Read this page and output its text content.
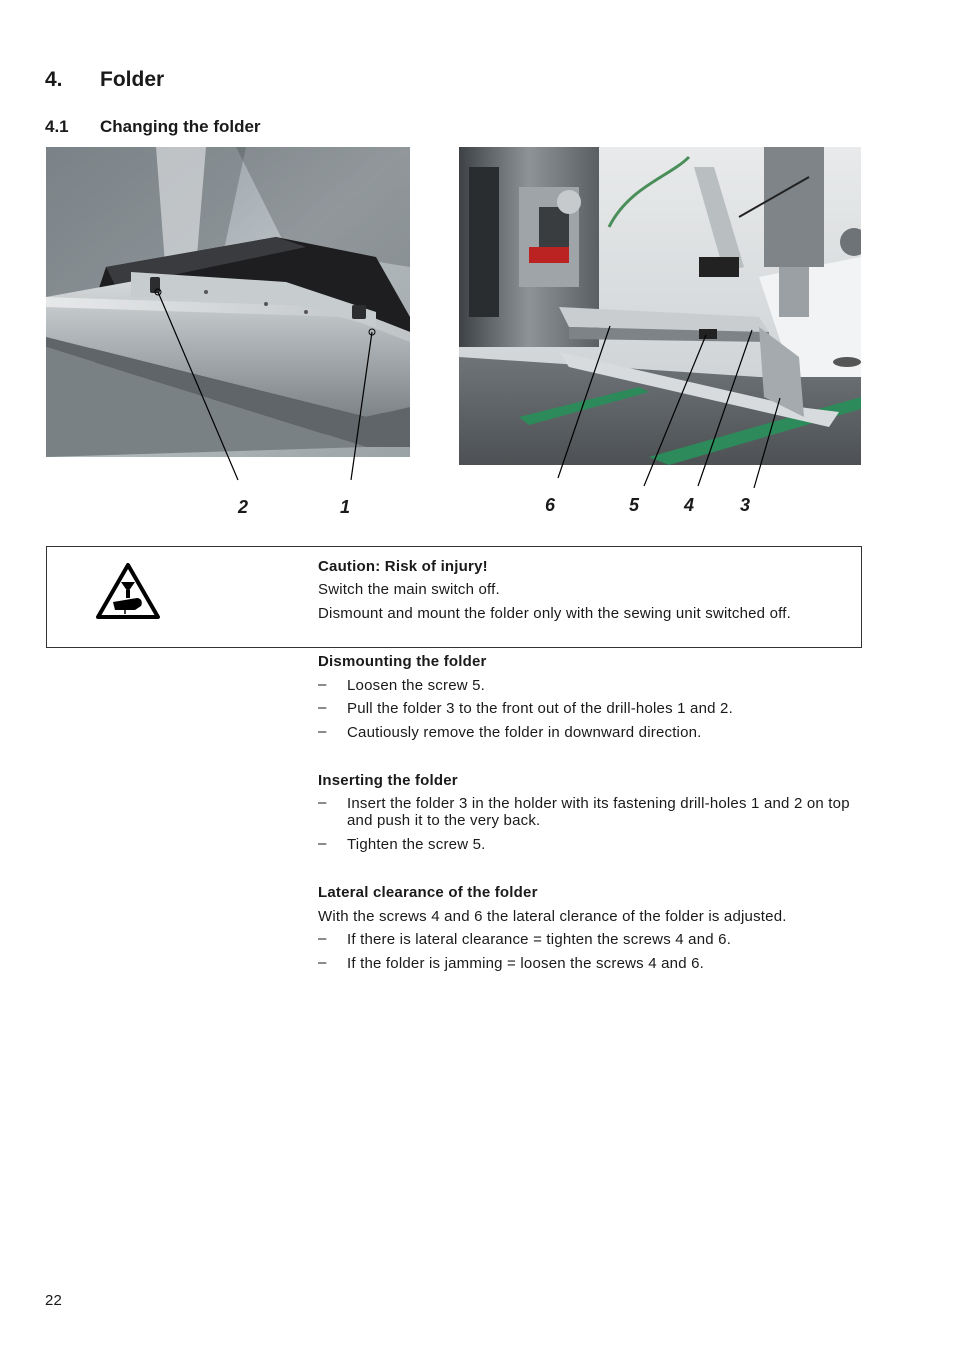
4. Folder
4.1 Changing the folder
2	1	6	5 4	3
Caution: Risk of injury!
Switch the main switch off.
Dismount and mount the folder only with the sewing unit switched off.
Dismounting the folder
– Loosen the screw 5.
– Pull the folder 3 to the front out of the drill-holes 1 and 2.
– Cautiously remove the folder in downward direction.
Inserting the folder
– Insert the folder 3 in the holder with its fastening drill-holes 1 and 2 on top and push it to the very back.
– Tighten the screw 5.
Lateral clearance of the folder
With the screws 4 and 6 the lateral clerance of the folder is adjusted.
– If there is lateral clearance = tighten the screws 4 and 6.
– If the folder is jamming = loosen the screws 4 and 6.
22
